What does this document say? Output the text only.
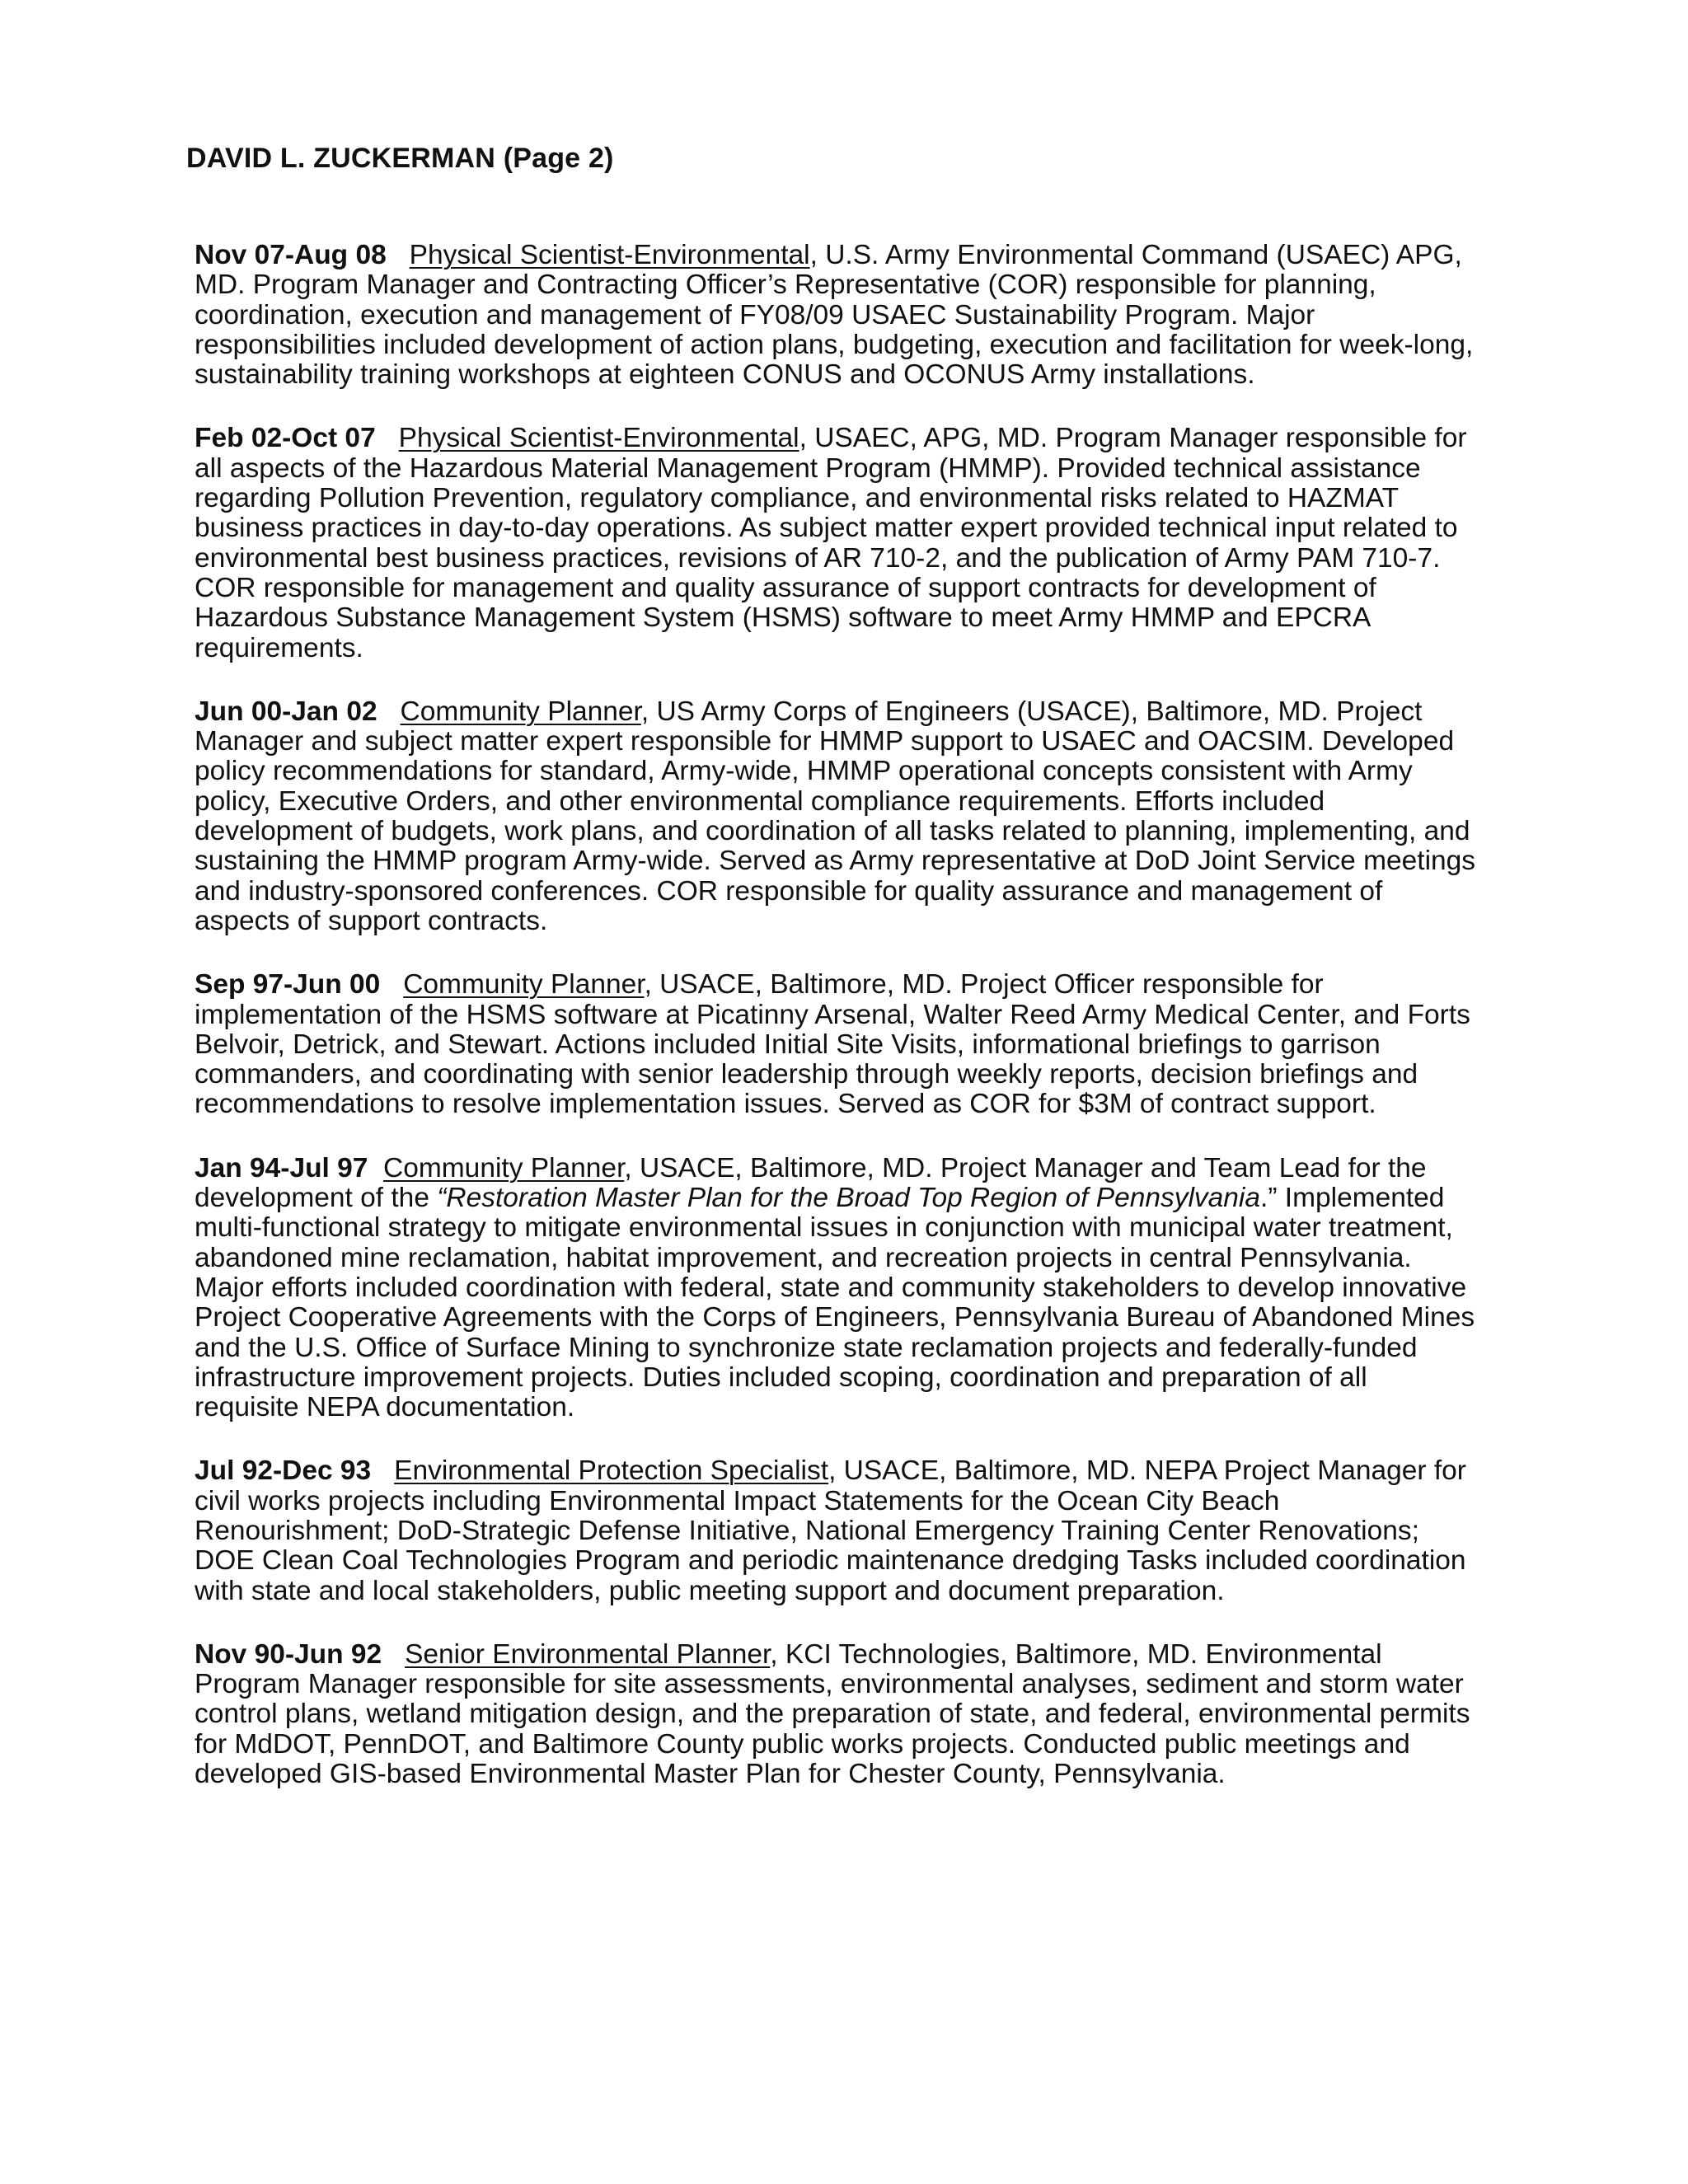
DAVID L. ZUCKERMAN (Page 2)

Nov 07-Aug 08 Physical Scientist-Environmental, U.S. Army Environmental Command (USAEC) APG, MD. Program Manager and Contracting Officer’s Representative (COR) responsible for planning, coordination, execution and management of FY08/09 USAEC Sustainability Program. Major responsibilities included development of action plans, budgeting, execution and facilitation for week-long, sustainability training workshops at eighteen CONUS and OCONUS Army installations.

Feb 02-Oct 07 Physical Scientist-Environmental, USAEC, APG, MD. Program Manager responsible for all aspects of the Hazardous Material Management Program (HMMP). Provided technical assistance regarding Pollution Prevention, regulatory compliance, and environmental risks related to HAZMAT business practices in day-to-day operations. As subject matter expert provided technical input related to environmental best business practices, revisions of AR 710-2, and the publication of Army PAM 710-7. COR responsible for management and quality assurance of support contracts for development of Hazardous Substance Management System (HSMS) software to meet Army HMMP and EPCRA requirements.

Jun 00-Jan 02 Community Planner, US Army Corps of Engineers (USACE), Baltimore, MD. Project Manager and subject matter expert responsible for HMMP support to USAEC and OACSIM. Developed policy recommendations for standard, Army-wide, HMMP operational concepts consistent with Army policy, Executive Orders, and other environmental compliance requirements. Efforts included development of budgets, work plans, and coordination of all tasks related to planning, implementing, and sustaining the HMMP program Army-wide. Served as Army representative at DoD Joint Service meetings and industry-sponsored conferences. COR responsible for quality assurance and management of aspects of support contracts.

Sep 97-Jun 00 Community Planner, USACE, Baltimore, MD. Project Officer responsible for implementation of the HSMS software at Picatinny Arsenal, Walter Reed Army Medical Center, and Forts Belvoir, Detrick, and Stewart. Actions included Initial Site Visits, informational briefings to garrison commanders, and coordinating with senior leadership through weekly reports, decision briefings and recommendations to resolve implementation issues. Served as COR for $3M of contract support.

Jan 94-Jul 97 Community Planner, USACE, Baltimore, MD. Project Manager and Team Lead for the development of the “Restoration Master Plan for the Broad Top Region of Pennsylvania.” Implemented multi-functional strategy to mitigate environmental issues in conjunction with municipal water treatment, abandoned mine reclamation, habitat improvement, and recreation projects in central Pennsylvania. Major efforts included coordination with federal, state and community stakeholders to develop innovative Project Cooperative Agreements with the Corps of Engineers, Pennsylvania Bureau of Abandoned Mines and the U.S. Office of Surface Mining to synchronize state reclamation projects and federally-funded infrastructure improvement projects. Duties included scoping, coordination and preparation of all requisite NEPA documentation.

Jul 92-Dec 93 Environmental Protection Specialist, USACE, Baltimore, MD. NEPA Project Manager for civil works projects including Environmental Impact Statements for the Ocean City Beach Renourishment; DoD-Strategic Defense Initiative, National Emergency Training Center Renovations; DOE Clean Coal Technologies Program and periodic maintenance dredging Tasks included coordination with state and local stakeholders, public meeting support and document preparation.

Nov 90-Jun 92 Senior Environmental Planner, KCI Technologies, Baltimore, MD. Environmental Program Manager responsible for site assessments, environmental analyses, sediment and storm water control plans, wetland mitigation design, and the preparation of state, and federal, environmental permits for MdDOT, PennDOT, and Baltimore County public works projects. Conducted public meetings and developed GIS-based Environmental Master Plan for Chester County, Pennsylvania.
